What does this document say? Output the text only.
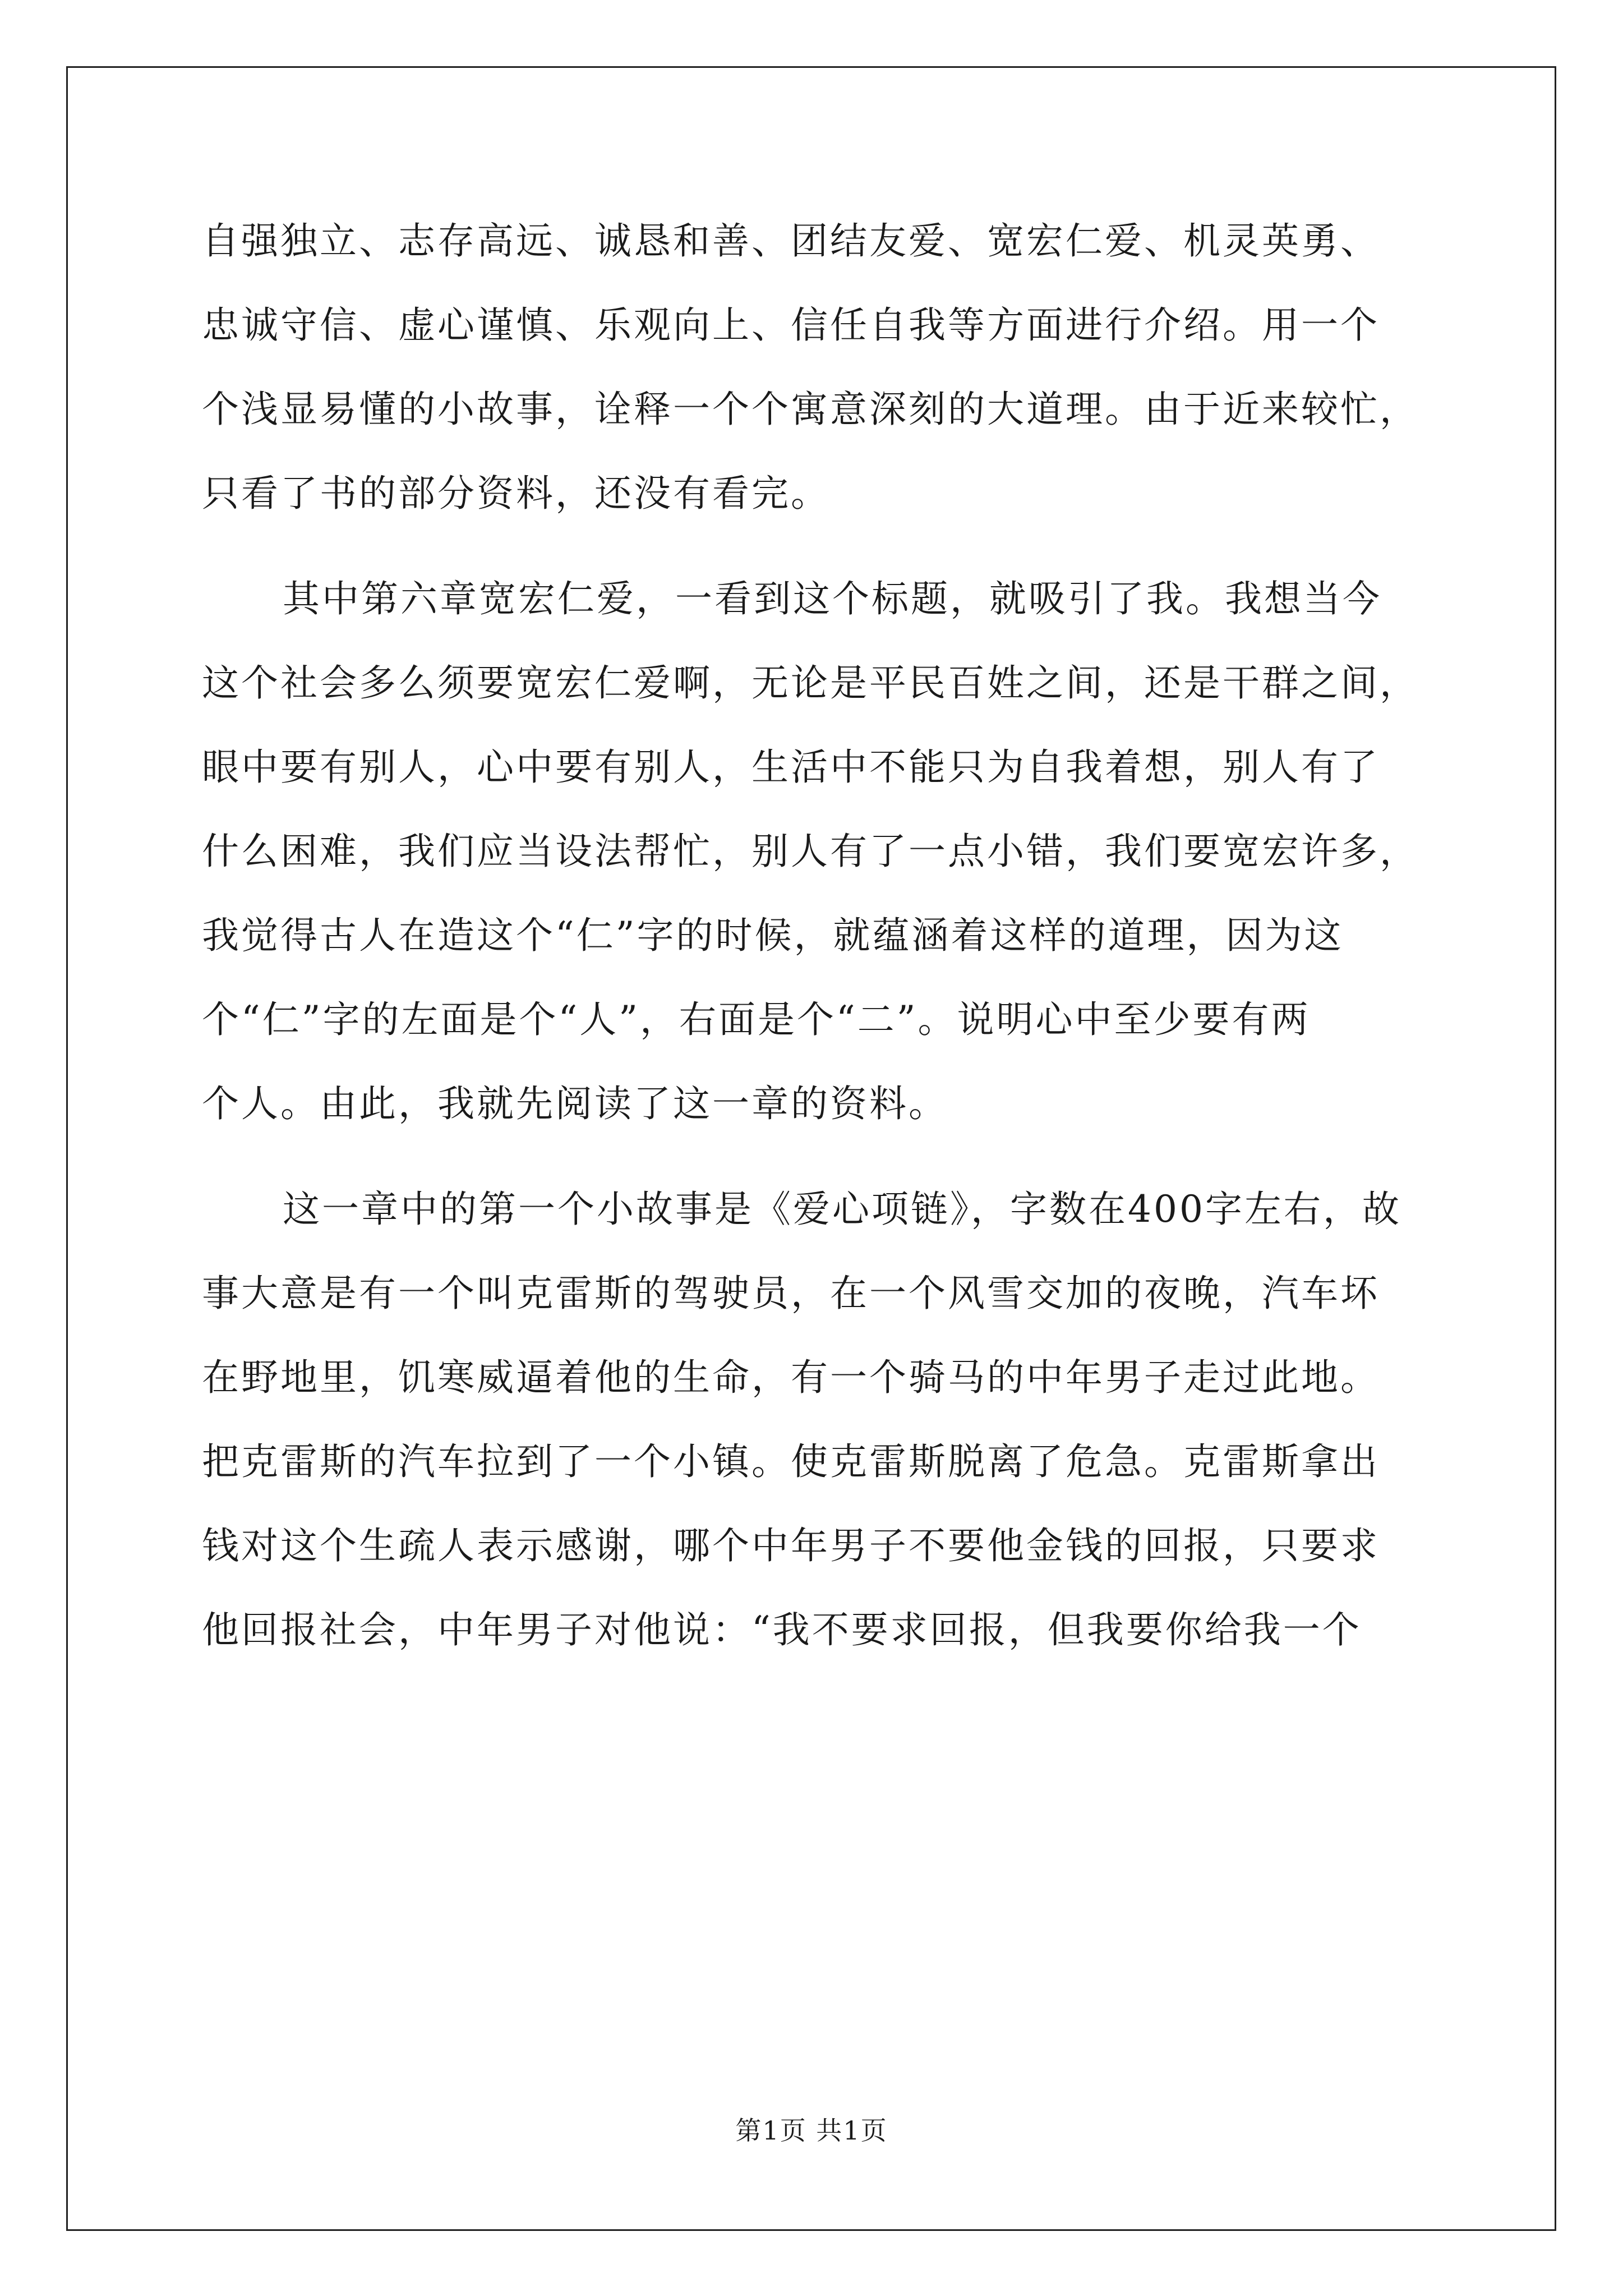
自强独立、志存高远、诚恳和善、团结友爱、宽宏仁爱、机灵英勇、
忠诚守信、虚心谨慎、乐观向上、信任自我等方面进行介绍。用一个
个浅显易懂的小故事，诠释一个个寓意深刻的大道理。由于近来较忙，
只看了书的部分资料，还没有看完。
其中第六章宽宏仁爱，一看到这个标题，就吸引了我。我想当今
这个社会多么须要宽宏仁爱啊，无论是平民百姓之间，还是干群之间，
眼中要有别人，心中要有别人，生活中不能只为自我着想，别人有了
什么困难，我们应当设法帮忙，别人有了一点小错，我们要宽宏许多，
我觉得古人在造这个“仁”字的时候，就蕴涵着这样的道理，因为这
个“仁”字的左面是个“人”，右面是个“二”。说明心中至少要有两
个人。由此，我就先阅读了这一章的资料。
这一章中的第一个小故事是《爱心项链》，字数在400字左右，故
事大意是有一个叫克雷斯的驾驶员，在一个风雪交加的夜晚，汽车坏
在野地里，饥寒威逼着他的生命，有一个骑马的中年男子走过此地。
把克雷斯的汽车拉到了一个小镇。使克雷斯脱离了危急。克雷斯拿出
钱对这个生疏人表示感谢，哪个中年男子不要他金钱的回报，只要求
他回报社会，中年男子对他说：“我不要求回报，但我要你给我一个
第1页 共1页
